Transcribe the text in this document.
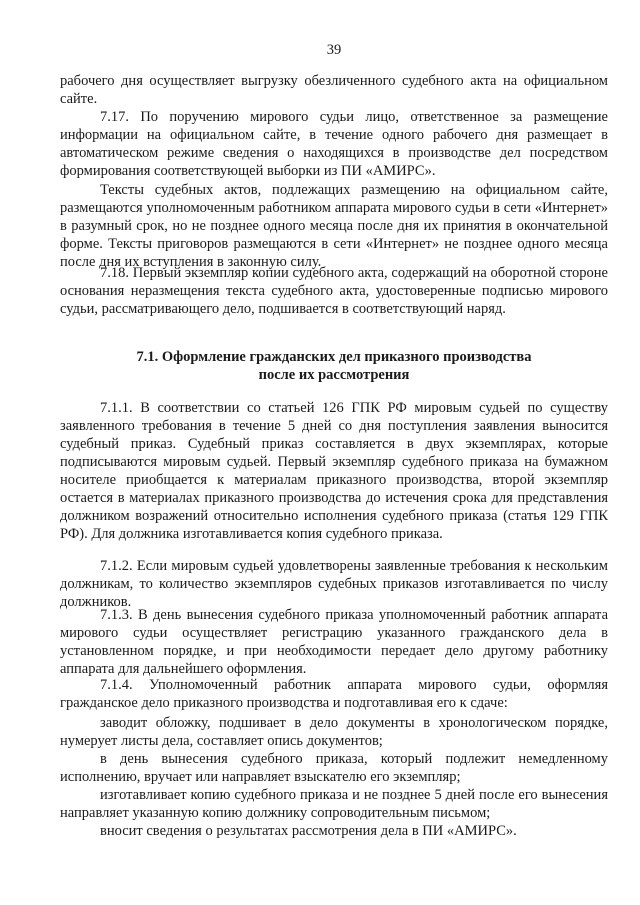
39

рабочего дня осуществляет выгрузку обезличенного судебного акта на официальном сайте.

7.17. По поручению мирового судьи лицо, ответственное за размещение информации на официальном сайте, в течение одного рабочего дня размещает в автоматическом режиме сведения о находящихся в производстве дел посредством формирования соответствующей выборки из ПИ «АМИРС».

Тексты судебных актов, подлежащих размещению на официальном сайте, размещаются уполномоченным работником аппарата мирового судьи в сети «Интернет» в разумный срок, но не позднее одного месяца после дня их принятия в окончательной форме. Тексты приговоров размещаются в сети «Интернет» не позднее одного месяца после дня их вступления в законную силу.

7.18. Первый экземпляр копии судебного акта, содержащий на оборотной стороне основания неразмещения текста судебного акта, удостоверенные подписью мирового судьи, рассматривающего дело, подшивается в соответствующий наряд.

7.1. Оформление гражданских дел приказного производства
после их рассмотрения

7.1.1. В соответствии со статьей 126 ГПК РФ мировым судьей по существу заявленного требования в течение 5 дней со дня поступления заявления выносится судебный приказ. Судебный приказ составляется в двух экземплярах, которые подписываются мировым судьей. Первый экземпляр судебного приказа на бумажном носителе приобщается к материалам приказного производства, второй экземпляр остается в материалах приказного производства до истечения срока для представления должником возражений относительно исполнения судебного приказа (статья 129 ГПК РФ). Для должника изготавливается копия судебного приказа.

7.1.2. Если мировым судьей удовлетворены заявленные требования к нескольким должникам, то количество экземпляров судебных приказов изготавливается по числу должников.

7.1.3. В день вынесения судебного приказа уполномоченный работник аппарата мирового судьи осуществляет регистрацию указанного гражданского дела в установленном порядке, и при необходимости передает дело другому работнику аппарата для дальнейшего оформления.

7.1.4. Уполномоченный работник аппарата мирового судьи, оформляя гражданское дело приказного производства и подготавливая его к сдаче:

заводит обложку, подшивает в дело документы в хронологическом порядке, нумерует листы дела, составляет опись документов;

в день вынесения судебного приказа, который подлежит немедленному исполнению, вручает или направляет взыскателю его экземпляр;

изготавливает копию судебного приказа и не позднее 5 дней после его вынесения направляет указанную копию должнику сопроводительным письмом;

вносит сведения о результатах рассмотрения дела в ПИ «АМИРС».
